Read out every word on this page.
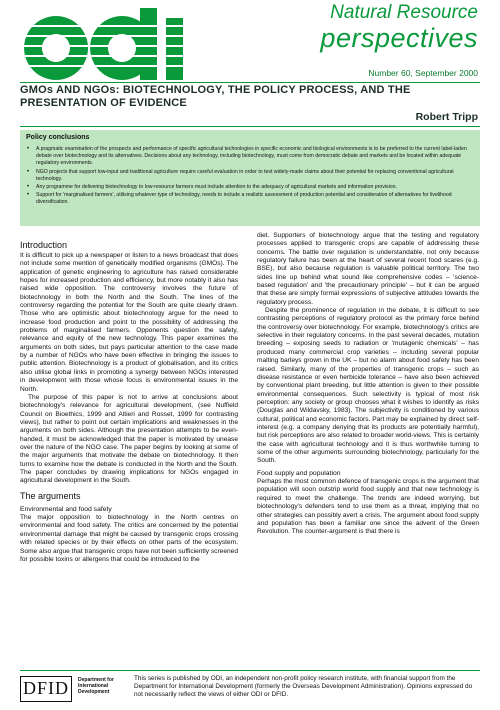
Natural Resource
perspectives
Number 60, September 2000
GMOs AND NGOs: BIOTECHNOLOGY, THE POLICY PROCESS, AND THE PRESENTATION OF EVIDENCE
Robert Tripp
Policy conclusions
• A pragmatic examination of the prospects and performance of specific agricultural technologies in specific economic and biological environments is to be preferred to the current label-laden debate over biotechnology and its alternatives. Decisions about any technology, including biotechnology, must come from democratic debate and markets and be located within adequate regulatory environments.
• NGO projects that support low-input and traditional agriculture require careful evaluation in order to test widely-made claims about their potential for replacing conventional agricultural technology.
• Any programme for delivering biotechnology to low-resource farmers must include attention to the adequacy of agricultural markets and information provision.
• Support for 'marginalised farmers', utilising whatever type of technology, needs to include a realistic assessment of production potential and consideration of alternatives for livelihood diversification.
Introduction

It is difficult to pick up a newspaper or listen to a news broadcast that does not include some mention of genetically modified organisms (GMOs). The application of genetic engineering to agriculture has raised considerable hopes for increased production and efficiency, but more notably it also has raised wide opposition. The controversy involves the future of biotechnology in both the North and the South. The lines of the controversy regarding the potential for the South are quite clearly drawn. Those who are optimistic about biotechnology argue for the need to increase food production and point to the possibility of addressing the problems of marginalised farmers. Opponents question the safety, relevance and equity of the new technology. This paper examines the arguments on both sides, but pays particular attention to the case made by a number of NGOs who have been effective in bringing the issues to public attention. Biotechnology is a product of globalisation, and its critics also utilise global links in promoting a synergy between NGOs interested in development with those whose focus is environmental issues in the North.

The purpose of this paper is not to arrive at conclusions about biotechnology's relevance for agricultural development, (see Nuffield Council on Bioethics, 1999 and Altieri and Rosset, 1999 for contrasting views), but rather to point out certain implications and weaknesses in the arguments on both sides. Although the presentation attempts to be even-handed, it must be acknowledged that the paper is motivated by unease over the nature of the NGO case. The paper begins by looking at some of the major arguments that motivate the debate on biotechnology. It then turns to examine how the debate is conducted in the North and the South. The paper concludes by drawing implications for NGOs engaged in agricultural development in the South.

The arguments
Environmental and food safety

The major opposition to biotechnology in the North centres on environmental and food safety. The critics are concerned by the potential environmental damage that might be caused by transgenic crops crossing with related species or by their effects on other parts of the ecosystem. Some also argue that transgenic crops have not been sufficiently screened for possible toxins or allergens that could be introduced to the

diet. Supporters of biotechnology argue that the testing and regulatory processes applied to transgenic crops are capable of addressing these concerns. The battle over regulation is understandable, not only because regulatory failure has been at the heart of several recent food scares (e.g. BSE), but also because regulation is valuable political territory. The two sides line up behind what sound like comprehensive codes – 'science-based regulation' and 'the precautionary principle' – but it can be argued that these are simply formal expressions of subjective attitudes towards the regulatory process.

Despite the prominence of regulation in the debate, it is difficult to see contrasting perceptions of regulatory protocol as the primary force behind the controversy over biotechnology. For example, biotechnology's critics are selective in their regulatory concerns. In the past several decades, mutation breeding – exposing seeds to radiation or 'mutagenic chemicals' – has produced many commercial crop varieties – including several popular malting barleys grown in the UK – but no alarm about food safety has been raised. Similarly, many of the properties of transgenic crops – such as disease resistance or even herbicide tolerance – have also been achieved by conventional plant breeding, but little attention is given to their possible environmental consequences. Such selectivity is typical of most risk perception: any society or group chooses what it wishes to identify as risks (Douglas and Wildavsky, 1983). The subjectivity is conditioned by various cultural, political and economic factors. Part may be explained by direct self-interest (e.g. a company denying that its products are potentially harmful), but risk perceptions are also related to broader world-views. This is certainly the case with agricultural technology and it is thus worthwhile turning to some of the other arguments surrounding biotechnology, particularly for the South.

Food supply and population

Perhaps the most common defence of transgenic crops is the argument that population will soon outstrip world food supply and that new technology is required to meet the challenge. The trends are indeed worrying, but biotechnology's defenders tend to use them as a threat, implying that no other strategies can possibly avert a crisis. The argument about food supply and population has been a familiar one since the advent of the Green Revolution. The counter-argument is that there is

DFID	Department for International Development
This series is published by ODI, an independent non-profit policy research institute, with financial support from the Department for International Development (formerly the Overseas Development Administration). Opinions expressed do not necessarily reflect the views of either ODI or DFID.
